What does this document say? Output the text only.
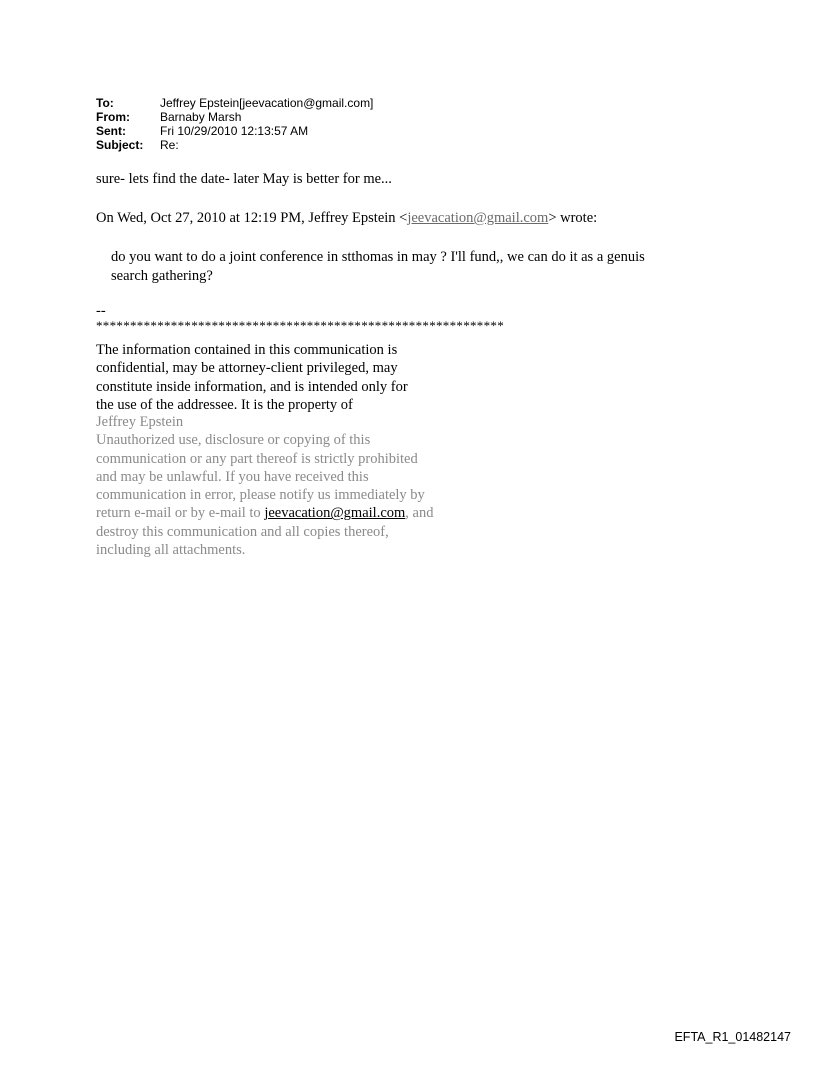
To:	Jeffrey Epstein[jeevacation@gmail.com]
From:	Barnaby Marsh
Sent:	Fri 10/29/2010 12:13:57 AM
Subject:	Re:
sure- lets find the date- later May is better for me...
On Wed, Oct 27, 2010 at 12:19 PM, Jeffrey Epstein <jeevacation@gmail.com> wrote:
do you want to do a joint conference in stthomas in may ? I'll fund,, we can do it as a genuis
search gathering?
--
************************************************************
The information contained in this communication is
confidential, may be attorney-client privileged, may
constitute inside information, and is intended only for
the use of the addressee. It is the property of
Jeffrey Epstein
Unauthorized use, disclosure or copying of this
communication or any part thereof is strictly prohibited
and may be unlawful. If you have received this
communication in error, please notify us immediately by
return e-mail or by e-mail to jeevacation@gmail.com, and
destroy this communication and all copies thereof,
including all attachments.
EFTA_R1_01482147
